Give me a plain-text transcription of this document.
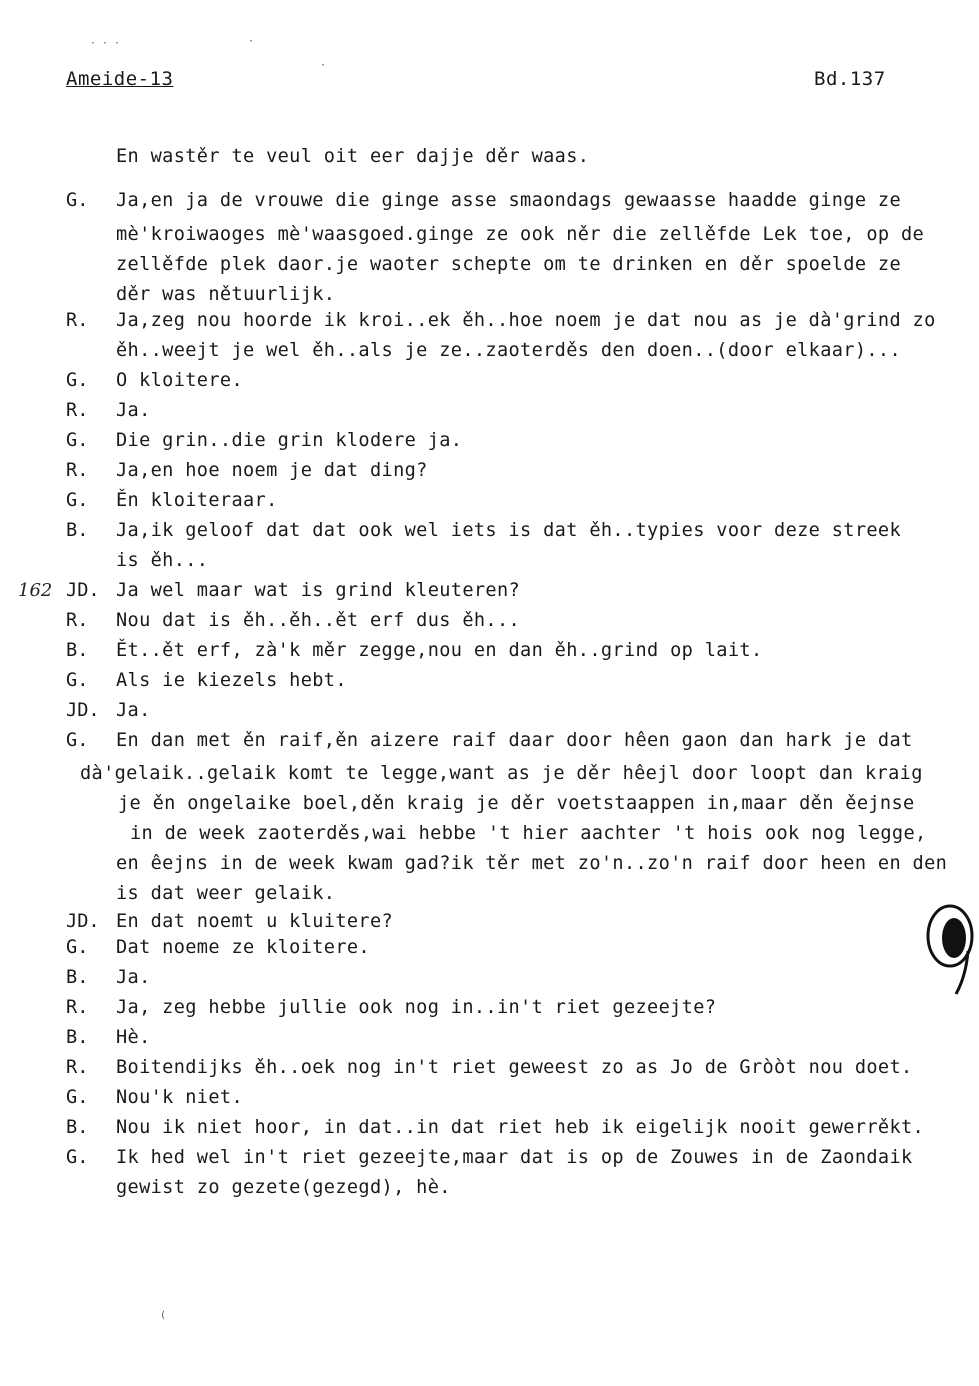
Ameide-13	Bd.137
162
· · ·	·
·
(
En wastěr te veul oit eer dajje děr waas.
G. Ja,en ja de vrouwe die ginge asse smaondags gewaasse haadde ginge ze
mè'kroiwaoges mè'waasgoed.ginge ze ook něr die zellěfde Lek toe, op de
zellěfde plek daor.je waoter schepte om te drinken en děr spoelde ze
děr was nětuurlijk.
R. Ja,zeg nou hoorde ik kroi..ek ěh..hoe noem je dat nou as je dà'grind zo
ěh..weejt je wel ěh..als je ze..zaoterděs den doen..(door elkaar)...
G. O kloitere.
R. Ja.
G. Die grin..die grin klodere ja.
R. Ja,en hoe noem je dat ding?
G. Ěn kloiteraar.
B. Ja,ik geloof dat dat ook wel iets is dat ěh..typies voor deze streek
is ěh...
JD. Ja wel maar wat is grind kleuteren?
R. Nou dat is ěh..ěh..ět erf dus ěh...
B. Ět..ět erf, zà'k měr zegge,nou en dan ěh..grind op lait.
G. Als ie kiezels hebt.
JD. Ja.
G. En dan met ěn raif,ěn aizere raif daar door hêen gaon dan hark je dat
dà'gelaik..gelaik komt te legge,want as je děr hêejl door loopt dan kraig
je ěn ongelaike boel,děn kraig je děr voetstaappen in,maar děn ěejnse
in de week zaoterděs,wai hebbe 't hier aachter 't hois ook nog legge,
en êejns in de week kwam gad?ik těr met zo'n..zo'n raif door heen en den
is dat weer gelaik.
JD. En dat noemt u kluitere?
G. Dat noeme ze kloitere.
B. Ja.
R. Ja, zeg hebbe jullie ook nog in..in't riet gezeejte?
B. Hè.
R. Boitendijks ěh..oek nog in't riet geweest zo as Jo de Gròòt nou doet.
G. Nou'k niet.
B. Nou ik niet hoor, in dat..in dat riet heb ik eigelijk nooit gewerrěkt.
G. Ik hed wel in't riet gezeejte,maar dat is op de Zouwes in de Zaondaik
gewist zo gezete(gezegd), hè.
